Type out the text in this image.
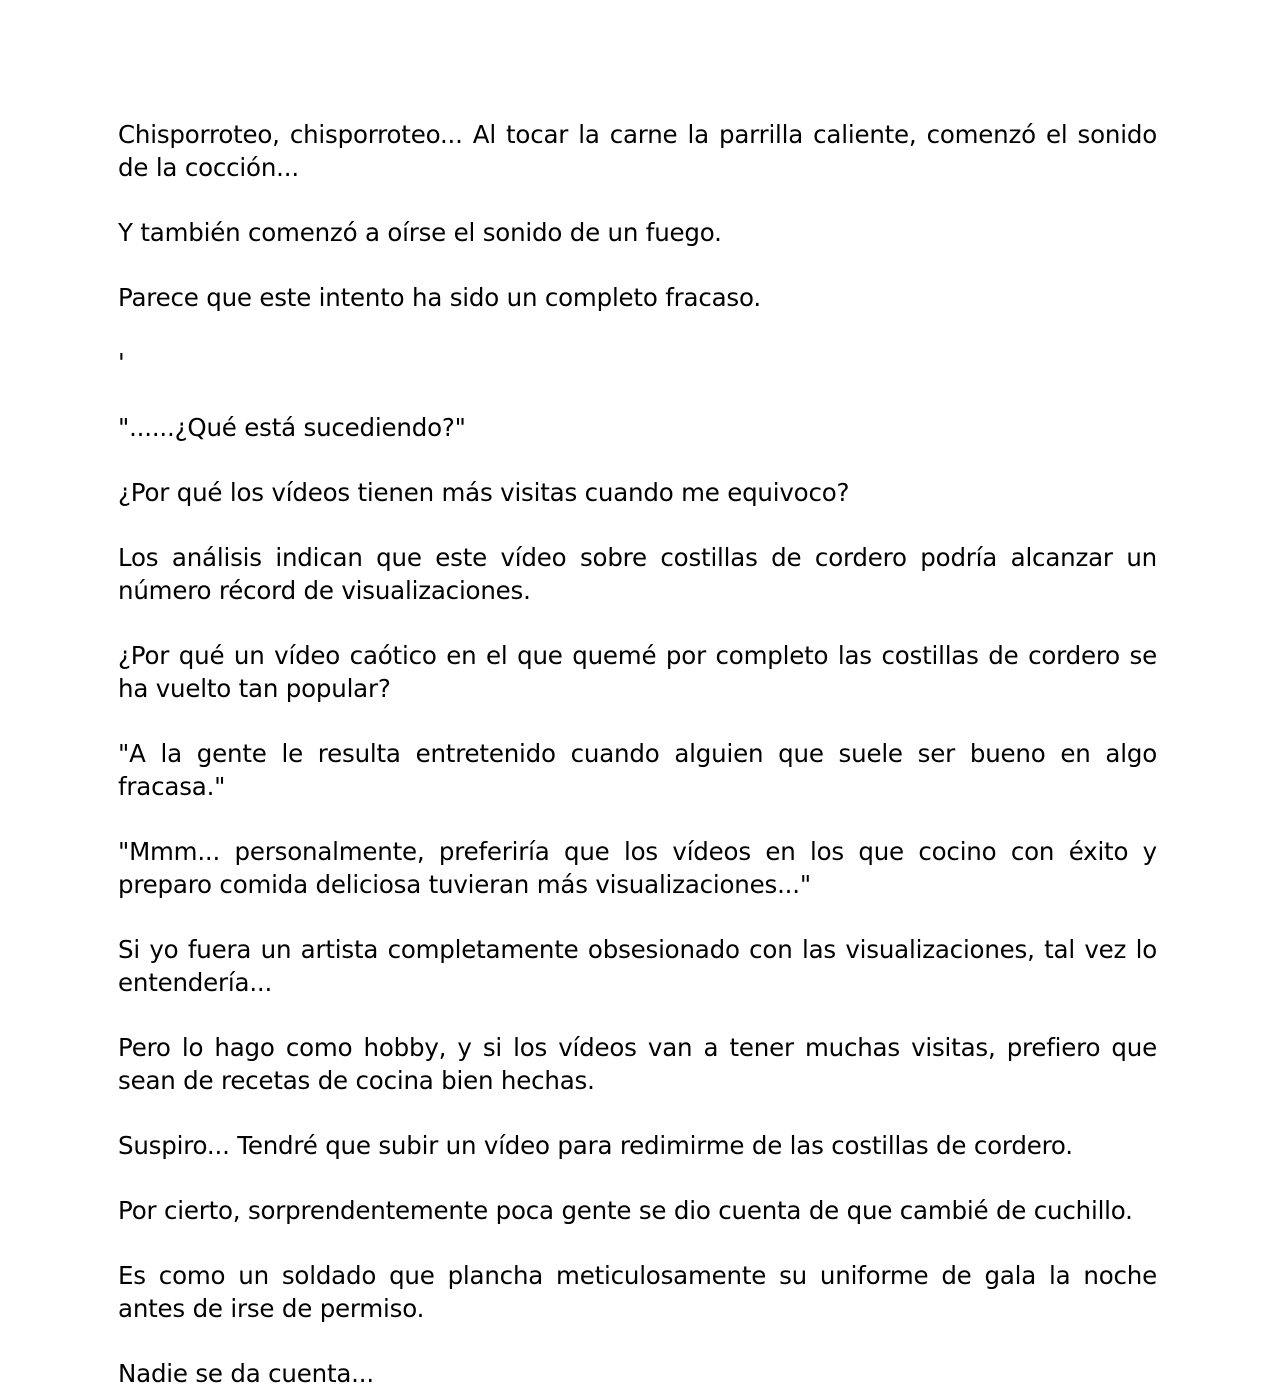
Chisporroteo, chisporroteo... Al tocar la carne la parrilla caliente, comenzó el sonido de la cocción...

Y también comenzó a oírse el sonido de un fuego.

Parece que este intento ha sido un completo fracaso.

'

"......¿Qué está sucediendo?"

¿Por qué los vídeos tienen más visitas cuando me equivoco?

Los análisis indican que este vídeo sobre costillas de cordero podría alcanzar un número récord de visualizaciones.

¿Por qué un vídeo caótico en el que quemé por completo las costillas de cordero se ha vuelto tan popular?

"A la gente le resulta entretenido cuando alguien que suele ser bueno en algo fracasa."

"Mmm... personalmente, preferiría que los vídeos en los que cocino con éxito y preparo comida deliciosa tuvieran más visualizaciones..."

Si yo fuera un artista completamente obsesionado con las visualizaciones, tal vez lo entendería...

Pero lo hago como hobby, y si los vídeos van a tener muchas visitas, prefiero que sean de recetas de cocina bien hechas.

Suspiro... Tendré que subir un vídeo para redimirme de las costillas de cordero.

Por cierto, sorprendentemente poca gente se dio cuenta de que cambié de cuchillo.

Es como un soldado que plancha meticulosamente su uniforme de gala la noche antes de irse de permiso.

Nadie se da cuenta...
